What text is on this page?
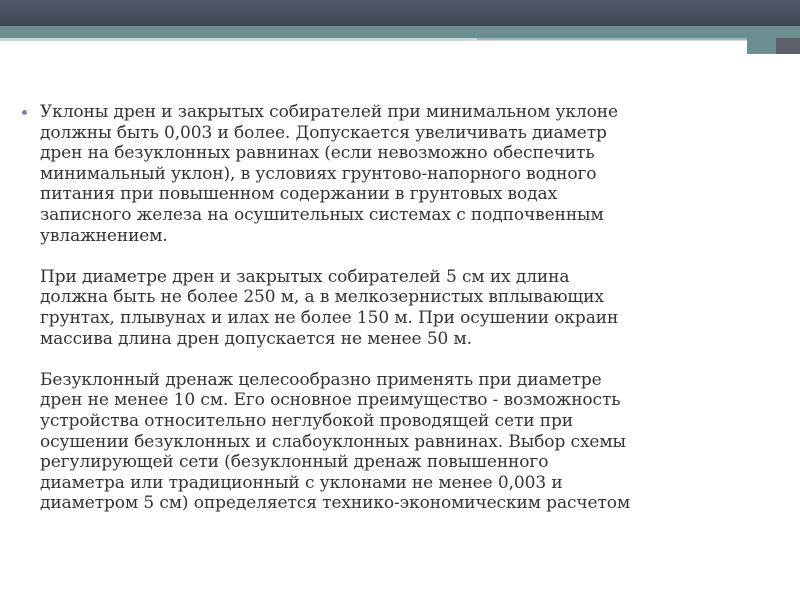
Уклоны дрен и закрытых собирателей при минимальном уклоне
должны быть 0,003 и более. Допускается увеличивать диаметр
дрен на безуклонных равнинах (если невозможно обеспечить
минимальный уклон), в условиях грунтово-напорного водного
питания при повышенном содержании в грунтовых водах
записного железа на осушительных системах с подпочвенным
увлажнением.

При диаметре дрен и закрытых собирателей 5 см их длина
должна быть не более 250 м, а в мелкозернистых вплывающих
грунтах, плывунах и илах не более 150 м. При осушении окраин
массива длина дрен допускается не менее 50 м.

Безуклонный дренаж целесообразно применять при диаметре
дрен не менее 10 см. Его основное преимущество - возможность
устройства относительно неглубокой проводящей сети при
осушении безуклонных и слабоуклонных равнинах. Выбор схемы
регулирующей сети (безуклонный дренаж повышенного
диаметра или традиционный с уклонами не менее 0,003 и
диаметром 5 см) определяется технико-экономическим расчетом
